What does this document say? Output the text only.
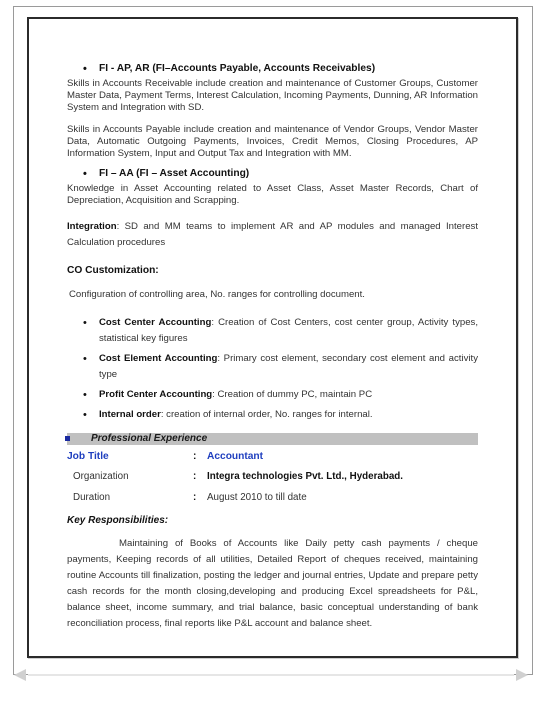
• FI - AP, AR (FI–Accounts Payable, Accounts Receivables)

Skills in Accounts Receivable include creation and maintenance of Customer Groups, Customer Master Data, Payment Terms, Interest Calculation, Incoming Payments, Dunning, AR Information System and Integration with SD.

Skills in Accounts Payable include creation and maintenance of Vendor Groups, Vendor Master Data, Automatic Outgoing Payments, Invoices, Credit Memos, Closing Procedures, AP Information System, Input and Output Tax and Integration with MM.

• FI – AA (FI – Asset Accounting)

Knowledge in Asset Accounting related to Asset Class, Asset Master Records, Chart of Depreciation, Acquisition and Scrapping.

Integration: SD and MM teams to implement AR and AP modules and managed Interest Calculation procedures

CO Customization:
Configuration of controlling area, No. ranges for controlling document.
• Cost Center Accounting: Creation of Cost Centers, cost center group, Activity types, statistical key figures
• Cost Element Accounting: Primary cost element, secondary cost element and activity type
• Profit Center Accounting: Creation of dummy PC, maintain PC
• Internal order: creation of internal order, No. ranges for internal.
Professional Experience
Job Title	:	Accountant
Organization	:	Integra technologies Pvt. Ltd., Hyderabad.
Duration	:	August 2010 to till date
Key Responsibilities:

Maintaining of Books of Accounts like Daily petty cash payments / cheque payments, Keeping records of all utilities, Detailed Report of cheques received, maintaining routine Accounts till finalization, posting the ledger and journal entries, Update and prepare petty cash records for the month closing,developing and producing Excel spreadsheets for P&L, balance sheet, income summary, and trial balance, basic conceptual understanding of bank reconciliation process, final reports like P&L account and balance sheet.
